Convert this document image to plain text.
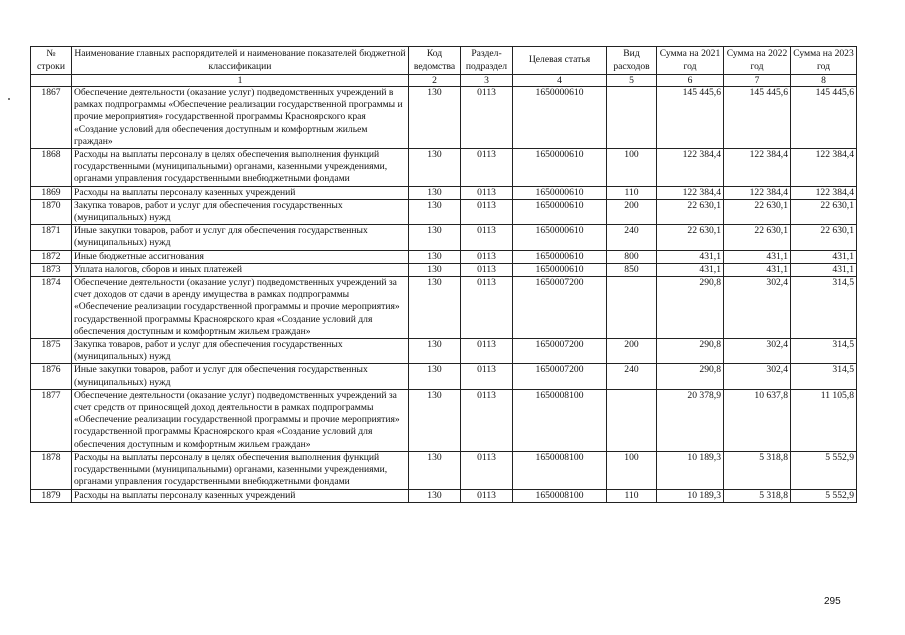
№ строки	Наименование главных распорядителей и наименование показателей бюджетной классификации	Код ведомства	Раздел-подраздел	Целевая статья	Вид расходов	Сумма на 2021 год	Сумма на 2022 год	Сумма на 2023 год
	1	2	3	4	5	6	7	8
1867	Обеспечение деятельности (оказание услуг) подведомственных учреждений в рамках подпрограммы «Обеспечение реализации государственной программы и прочие мероприятия» государственной программы Красноярского края «Создание условий для обеспечения доступным и комфортным жильем граждан»	130	0113	1650000610		145 445,6	145 445,6	145 445,6
1868	Расходы на выплаты персоналу в целях обеспечения выполнения функций государственными (муниципальными) органами, казенными учреждениями, органами управления государственными внебюджетными фондами	130	0113	1650000610	100	122 384,4	122 384,4	122 384,4
1869	Расходы на выплаты персоналу казенных учреждений	130	0113	1650000610	110	122 384,4	122 384,4	122 384,4
1870	Закупка товаров, работ и услуг для обеспечения государственных (муниципальных) нужд	130	0113	1650000610	200	22 630,1	22 630,1	22 630,1
1871	Иные закупки товаров, работ и услуг для обеспечения государственных (муниципальных) нужд	130	0113	1650000610	240	22 630,1	22 630,1	22 630,1
1872	Иные бюджетные ассигнования	130	0113	1650000610	800	431,1	431,1	431,1
1873	Уплата налогов, сборов и иных платежей	130	0113	1650000610	850	431,1	431,1	431,1
1874	Обеспечение деятельности (оказание услуг) подведомственных учреждений за счет доходов от сдачи в аренду имущества в рамках подпрограммы «Обеспечение реализации государственной программы и прочие мероприятия» государственной программы Красноярского края «Создание условий для обеспечения доступным и комфортным жильем граждан»	130	0113	1650007200		290,8	302,4	314,5
1875	Закупка товаров, работ и услуг для обеспечения государственных (муниципальных) нужд	130	0113	1650007200	200	290,8	302,4	314,5
1876	Иные закупки товаров, работ и услуг для обеспечения государственных (муниципальных) нужд	130	0113	1650007200	240	290,8	302,4	314,5
1877	Обеспечение деятельности (оказание услуг) подведомственных учреждений за счет средств от приносящей доход деятельности в рамках подпрограммы «Обеспечение реализации государственной программы и прочие мероприятия» государственной программы Красноярского края «Создание условий для обеспечения доступным и комфортным жильем граждан»	130	0113	1650008100		20 378,9	10 637,8	11 105,8
1878	Расходы на выплаты персоналу в целях обеспечения выполнения функций государственными (муниципальными) органами, казенными учреждениями, органами управления государственными внебюджетными фондами	130	0113	1650008100	100	10 189,3	5 318,8	5 552,9
1879	Расходы на выплаты персоналу казенных учреждений	130	0113	1650008100	110	10 189,3	5 318,8	5 552,9
295
